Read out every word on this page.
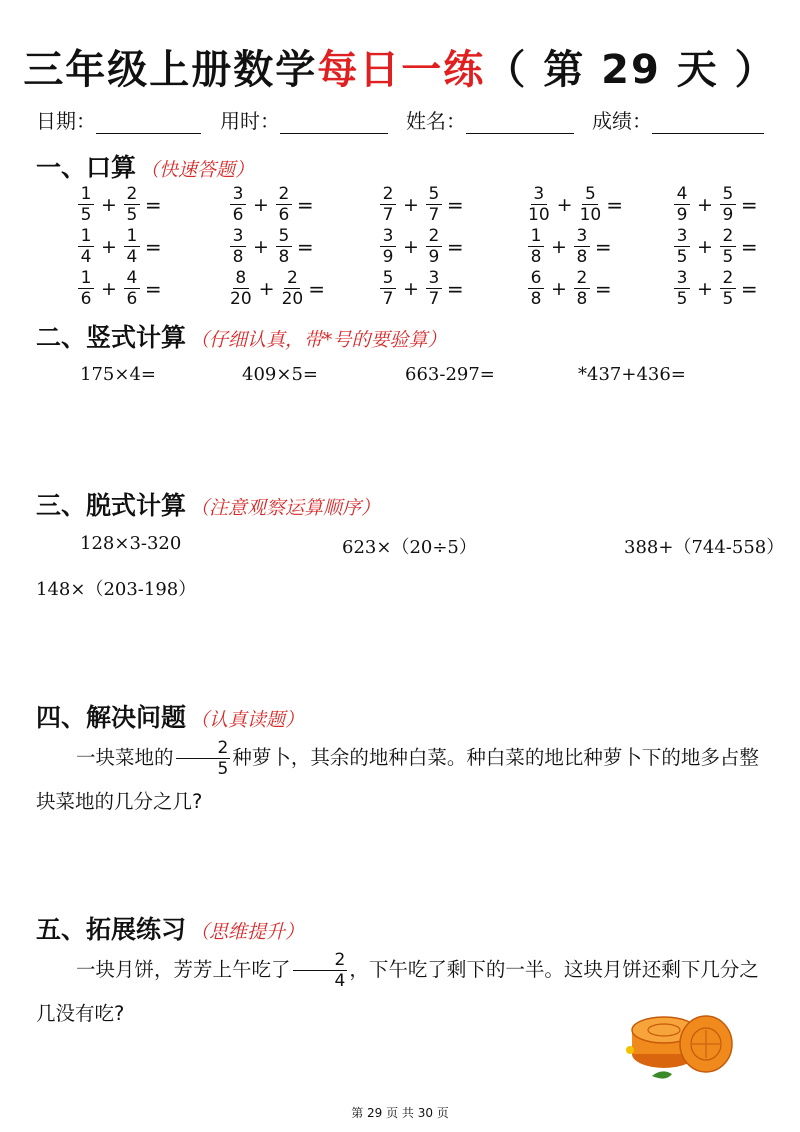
三年级上册数学每日一练（ 第 29 天 ）
日期：	用时：	姓名：	成绩：
一、口算 （快速答题）
$\frac{1}{5} + \frac{2}{5}$ =	$\frac{3}{6} + \frac{2}{6}$ =	$\frac{2}{7} + \frac{5}{7}$ =	$\frac{3}{10} + \frac{5}{10}$ =	$\frac{4}{9} + \frac{5}{9}$ =
$\frac{1}{4} + \frac{1}{4}$ =	$\frac{3}{8} + \frac{5}{8}$ =	$\frac{3}{9} + \frac{2}{9}$ =	$\frac{1}{8} + \frac{3}{8}$ =	$\frac{3}{5} + \frac{2}{5}$ =
$\frac{1}{6} + \frac{4}{6}$ =	$\frac{8}{20} + \frac{2}{20}$ =	$\frac{5}{7} + \frac{3}{7}$ =	$\frac{6}{8} + \frac{2}{8}$ =	$\frac{3}{5} + \frac{2}{5}$ =
二、竖式计算 （仔细认真，带*号的要验算）
175×4=	409×5=	663-297=	*437+436=
三、脱式计算 （注意观察运算顺序）
128×3-320	623×（20÷5）	388+（744-558）
148×（203-198）
四、解决问题 （认真读题）
一块菜地的 $\frac{2}{5}$ 种萝卜，其余的地种白菜。种白菜的地比种萝卜下的地多占整块菜地的几分之几?
五、拓展练习 （思维提升）
一块月饼，芳芳上午吃了 $\frac{2}{4}$ ，下午吃了剩下的一半。这块月饼还剩下几分之几没有吃?
第 29 页 共 30 页
